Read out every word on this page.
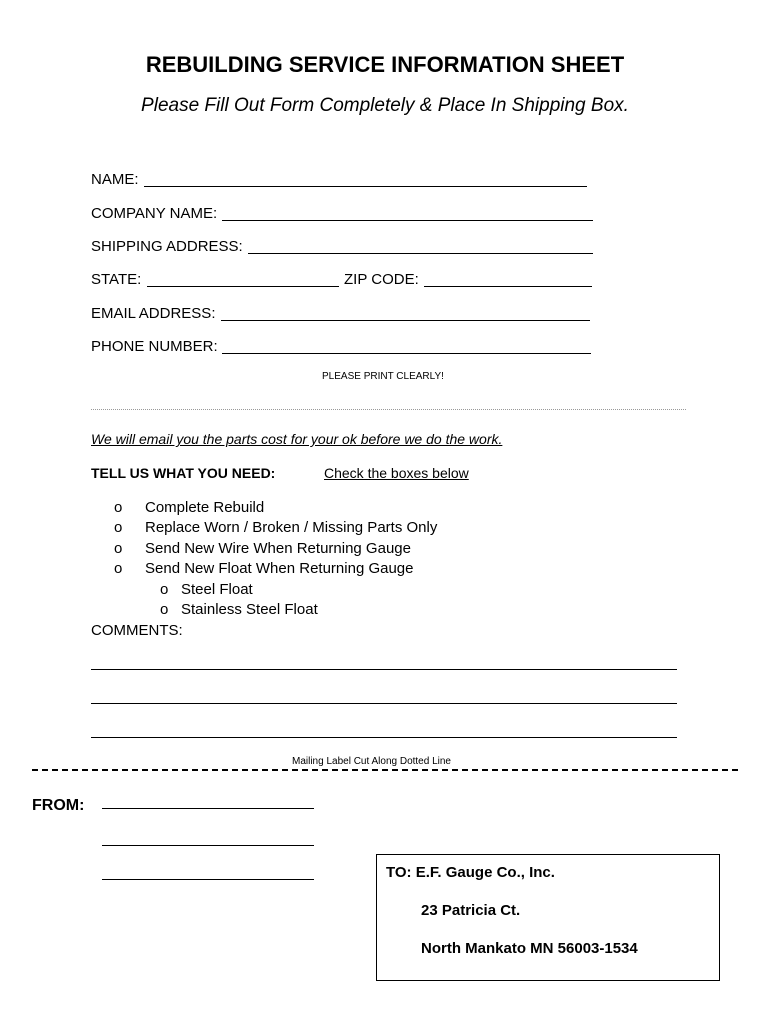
REBUILDING SERVICE INFORMATION SHEET
Please Fill Out Form Completely & Place In Shipping Box.
NAME:
COMPANY NAME:
SHIPPING ADDRESS:
STATE:	ZIP CODE:
EMAIL ADDRESS:
PHONE NUMBER:
PLEASE PRINT CLEARLY!
We will email you the parts cost for your ok before we do the work.
TELL US WHAT YOU NEED:	Check the boxes below
o Complete Rebuild
o Replace Worn / Broken / Missing Parts Only
o Send New Wire When Returning Gauge
o Send New Float When Returning Gauge
o Steel Float
o Stainless Steel Float
COMMENTS:
Mailing Label Cut Along Dotted Line
FROM:
TO: E.F. Gauge Co., Inc.
23 Patricia Ct.
North Mankato MN 56003-1534
